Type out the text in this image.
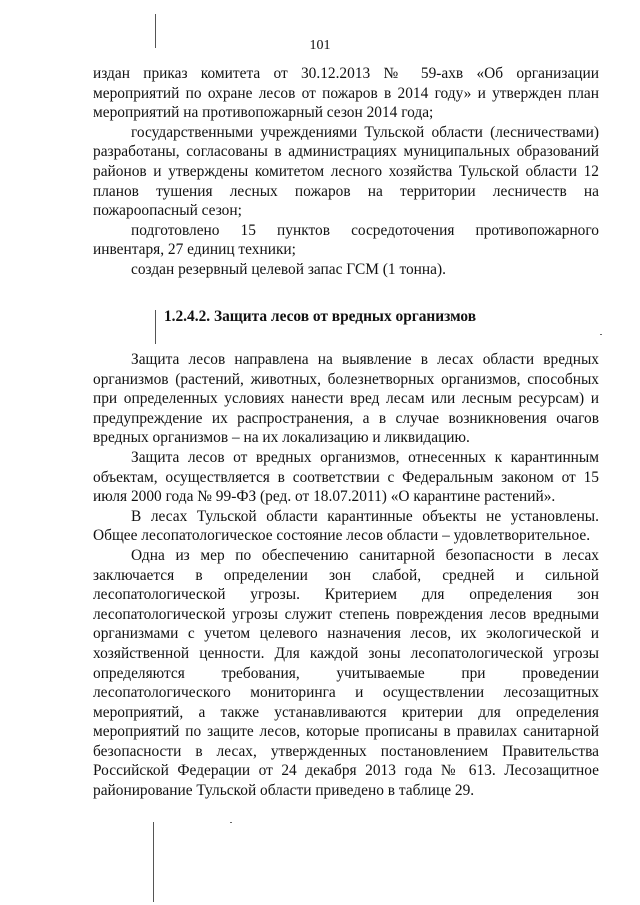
101

издан приказ комитета от 30.12.2013 № 59-ахв «Об организации мероприятий по охране лесов от пожаров в 2014 году» и утвержден план мероприятий на противопожарный сезон 2014 года;

государственными учреждениями Тульской области (лесничествами) разработаны, согласованы в администрациях муниципальных образований районов и утверждены комитетом лесного хозяйства Тульской области 12 планов тушения лесных пожаров на территории лесничеств на пожароопасный сезон;

подготовлено 15 пунктов сосредоточения противопожарного инвентаря, 27 единиц техники;

создан резервный целевой запас ГСМ (1 тонна).

1.2.4.2. Защита лесов от вредных организмов

Защита лесов направлена на выявление в лесах области вредных организмов (растений, животных, болезнетворных организмов, способных при определенных условиях нанести вред лесам или лесным ресурсам) и предупреждение их распространения, а в случае возникновения очагов вредных организмов – на их локализацию и ликвидацию.

Защита лесов от вредных организмов, отнесенных к карантинным объектам, осуществляется в соответствии с Федеральным законом от 15 июля 2000 года № 99-ФЗ (ред. от 18.07.2011) «О карантине растений».

В лесах Тульской области карантинные объекты не установлены. Общее лесопатологическое состояние лесов области – удовлетворительное.

Одна из мер по обеспечению санитарной безопасности в лесах заключается в определении зон слабой, средней и сильной лесопатологической угрозы. Критерием для определения зон лесопатологической угрозы служит степень повреждения лесов вредными организмами с учетом целевого назначения лесов, их экологической и хозяйственной ценности. Для каждой зоны лесопатологической угрозы определяются требования, учитываемые при проведении лесопатологического мониторинга и осуществлении лесозащитных мероприятий, а также устанавливаются критерии для определения мероприятий по защите лесов, которые прописаны в правилах санитарной безопасности в лесах, утвержденных постановлением Правительства Российской Федерации от 24 декабря 2013 года № 613. Лесозащитное районирование Тульской области приведено в таблице 29.
